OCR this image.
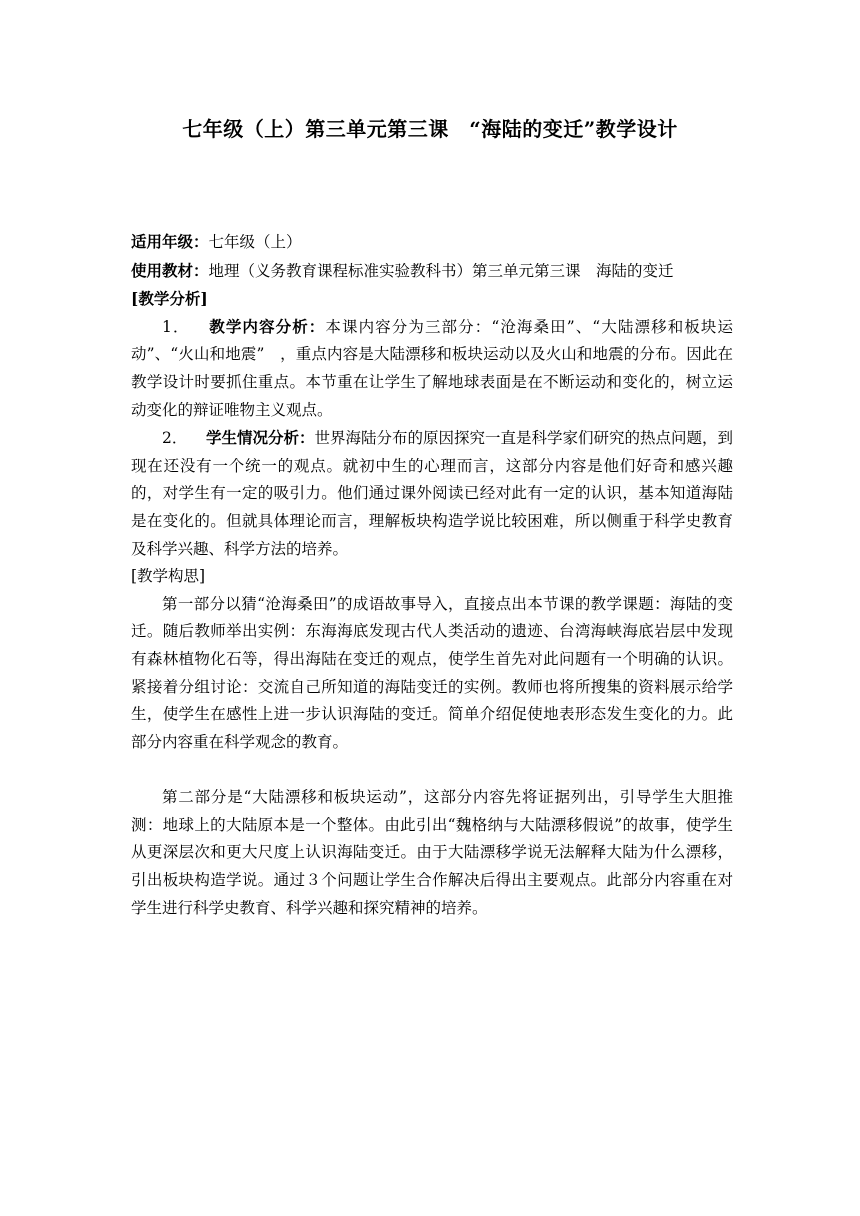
七年级（上）第三单元第三课　“海陆的变迁”教学设计

适用年级：七年级（上）

使用教材：地理（义务教育课程标准实验教科书）第三单元第三课　海陆的变迁

[教学分析]

1． 教学内容分析：本课内容分为三部分：“沧海桑田”、“大陆漂移和板块运动”、“火山和地震”　，重点内容是大陆漂移和板块运动以及火山和地震的分布。因此在教学设计时要抓住重点。本节重在让学生了解地球表面是在不断运动和变化的，树立运动变化的辩证唯物主义观点。

2． 学生情况分析：世界海陆分布的原因探究一直是科学家们研究的热点问题，到现在还没有一个统一的观点。就初中生的心理而言，这部分内容是他们好奇和感兴趣的，对学生有一定的吸引力。他们通过课外阅读已经对此有一定的认识，基本知道海陆是在变化的。但就具体理论而言，理解板块构造学说比较困难，所以侧重于科学史教育及科学兴趣、科学方法的培养。

[教学构思]

第一部分以猜“沧海桑田”的成语故事导入，直接点出本节课的教学课题：海陆的变迁。随后教师举出实例：东海海底发现古代人类活动的遗迹、台湾海峡海底岩层中发现有森林植物化石等，得出海陆在变迁的观点，使学生首先对此问题有一个明确的认识。紧接着分组讨论：交流自己所知道的海陆变迁的实例。教师也将所搜集的资料展示给学生，使学生在感性上进一步认识海陆的变迁。简单介绍促使地表形态发生变化的力。此部分内容重在科学观念的教育。

第二部分是“大陆漂移和板块运动”，这部分内容先将证据列出，引导学生大胆推测：地球上的大陆原本是一个整体。由此引出“魏格纳与大陆漂移假说”的故事，使学生从更深层次和更大尺度上认识海陆变迁。由于大陆漂移学说无法解释大陆为什么漂移，引出板块构造学说。通过３个问题让学生合作解决后得出主要观点。此部分内容重在对学生进行科学史教育、科学兴趣和探究精神的培养。
